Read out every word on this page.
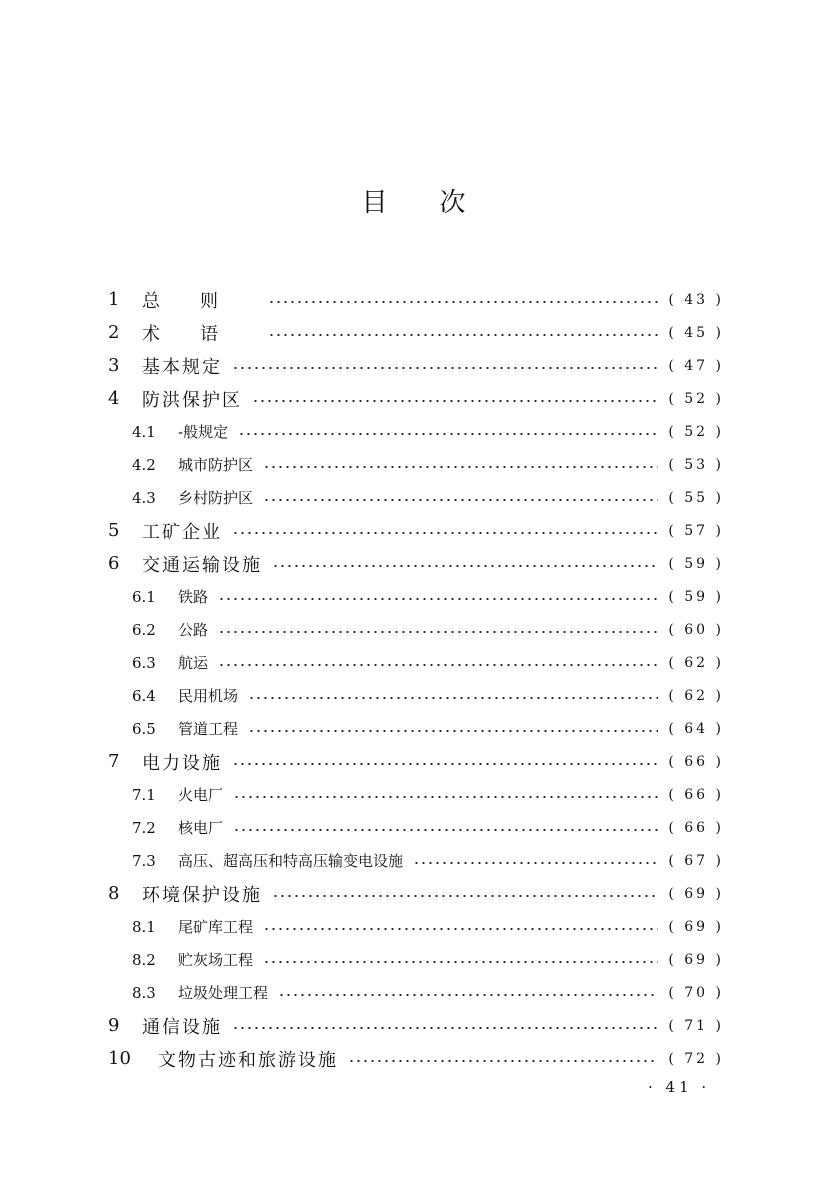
目次
1	总则	( 43 )
2	术语	( 45 )
3	基本规定	( 47 )
4	防洪保护区	( 52 )
4.1	-般规定	( 52 )
4.2	城市防护区	( 53 )
4.3	乡村防护区	( 55 )
5	工矿企业	( 57 )
6	交通运输设施	( 59 )
6.1	铁路	( 59 )
6.2	公路	( 60 )
6.3	航运	( 62 )
6.4	民用机场	( 62 )
6.5	管道工程	( 64 )
7	电力设施	( 66 )
7.1	火电厂	( 66 )
7.2	核电厂	( 66 )
7.3	高压、超高压和特高压输变电设施	( 67 )
8	环境保护设施	( 69 )
8.1	尾矿库工程	( 69 )
8.2	贮灰场工程	( 69 )
8.3	垃圾处理工程	( 70 )
9	通信设施	( 71 )
10	文物古迹和旅游设施	( 72 )
· 41 ·
